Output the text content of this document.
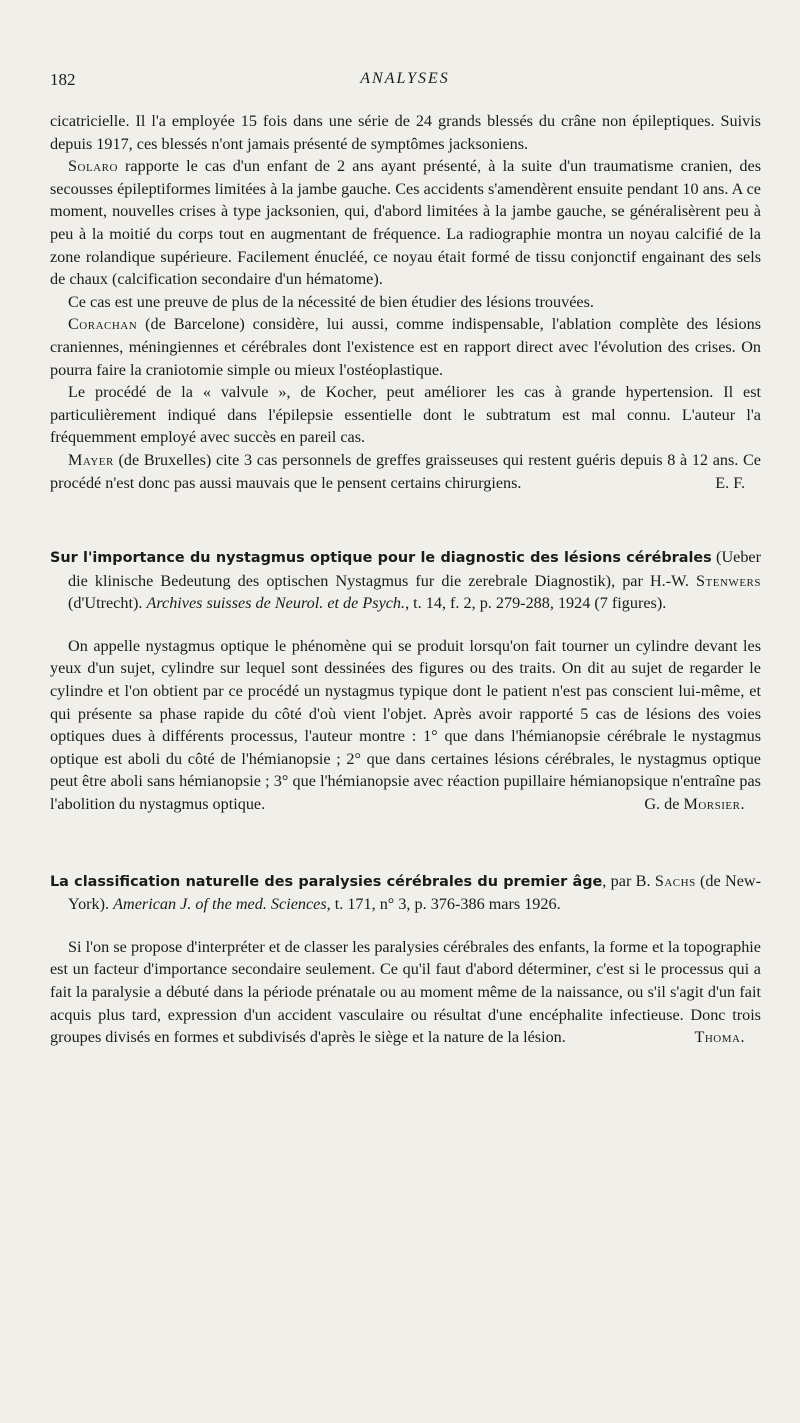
182	ANALYSES

cicatricielle. Il l'a employée 15 fois dans une série de 24 grands blessés du crâne non épileptiques. Suivis depuis 1917, ces blessés n'ont jamais présenté de symptômes jacksoniens.

Solaro rapporte le cas d'un enfant de 2 ans ayant présenté, à la suite d'un traumatisme cranien, des secousses épileptiformes limitées à la jambe gauche. Ces accidents s'amendèrent ensuite pendant 10 ans. A ce moment, nouvelles crises à type jacksonien, qui, d'abord limitées à la jambe gauche, se généralisèrent peu à peu à la moitié du corps tout en augmentant de fréquence. La radiographie montra un noyau calcifié de la zone rolandique supérieure. Facilement énucléé, ce noyau était formé de tissu conjonctif engainant des sels de chaux (calcification secondaire d'un hématome).

Ce cas est une preuve de plus de la nécessité de bien étudier des lésions trouvées.

Corachan (de Barcelone) considère, lui aussi, comme indispensable, l'ablation complète des lésions craniennes, méningiennes et cérébrales dont l'existence est en rapport direct avec l'évolution des crises. On pourra faire la craniotomie simple ou mieux l'ostéoplastique.

Le procédé de la « valvule », de Kocher, peut améliorer les cas à grande hypertension. Il est particulièrement indiqué dans l'épilepsie essentielle dont le subtratum est mal connu. L'auteur l'a fréquemment employé avec succès en pareil cas.

Mayer (de Bruxelles) cite 3 cas personnels de greffes graisseuses qui restent guéris depuis 8 à 12 ans. Ce procédé n'est donc pas aussi mauvais que le pensent certains chirurgiens.	E. F.

Sur l'importance du nystagmus optique pour le diagnostic des lésions cérébrales (Ueber die klinische Bedeutung des optischen Nystagmus fur die zerebrale Diagnostik), par H.-W. Stenwers (d'Utrecht). Archives suisses de Neurol. et de Psych., t. 14, f. 2, p. 279-288, 1924 (7 figures).

On appelle nystagmus optique le phénomène qui se produit lorsqu'on fait tourner un cylindre devant les yeux d'un sujet, cylindre sur lequel sont dessinées des figures ou des traits. On dit au sujet de regarder le cylindre et l'on obtient par ce procédé un nystagmus typique dont le patient n'est pas conscient lui-même, et qui présente sa phase rapide du côté d'où vient l'objet. Après avoir rapporté 5 cas de lésions des voies optiques dues à différents processus, l'auteur montre : 1° que dans l'hémianopsie cérébrale le nystagmus optique est aboli du côté de l'hémianopsie ; 2° que dans certaines lésions cérébrales, le nystagmus optique peut être aboli sans hémianopsie ; 3° que l'hémianopsie avec réaction pupillaire hémianopsique n'entraîne pas l'abolition du nystagmus optique.	G. de Morsier.

La classification naturelle des paralysies cérébrales du premier âge, par B. Sachs (de New-York). American J. of the med. Sciences, t. 171, n° 3, p. 376-386 mars 1926.

Si l'on se propose d'interpréter et de classer les paralysies cérébrales des enfants, la forme et la topographie est un facteur d'importance secondaire seulement. Ce qu'il faut d'abord déterminer, c'est si le processus qui a fait la paralysie a débuté dans la période prénatale ou au moment même de la naissance, ou s'il s'agit d'un fait acquis plus tard, expression d'un accident vasculaire ou résultat d'une encéphalite infectieuse. Donc trois groupes divisés en formes et subdivisés d'après le siège et la nature de la lésion.	Thoma.
